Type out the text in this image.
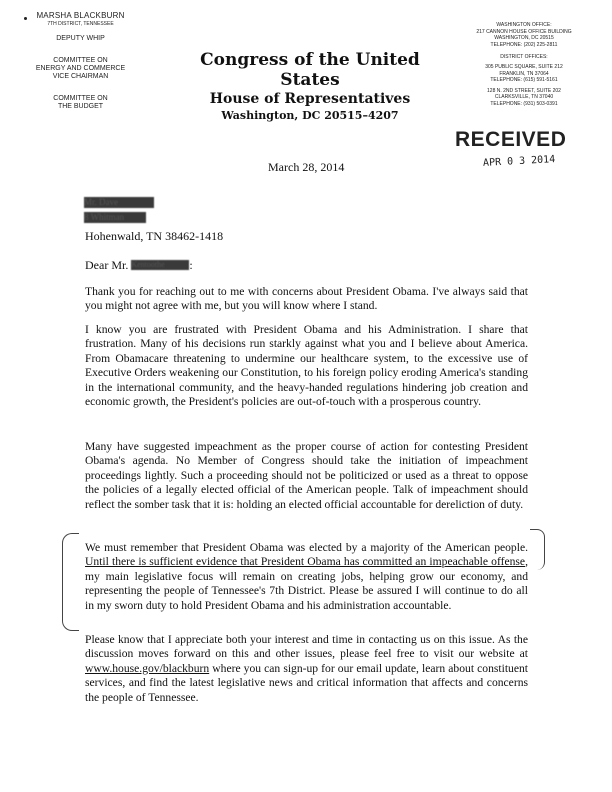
MARSHA BLACKBURN
7TH DISTRICT, TENNESSEE
DEPUTY WHIP
COMMITTEE ON
ENERGY AND COMMERCE
VICE CHAIRMAN
COMMITTEE ON
THE BUDGET
Congress of the United States
House of Representatives
Washington, DC 20515–4207
WASHINGTON OFFICE:
217 CANNON HOUSE OFFICE BUILDING
WASHINGTON, DC 20515
TELEPHONE: (202) 225-2811
DISTRICT OFFICES:
305 PUBLIC SQUARE, SUITE 212
FRANKLIN, TN 37064
TELEPHONE: (615) 591-5161
128 N. 2ND STREET, SUITE 202
CLARKSVILLE, TN 37040
TELEPHONE: (931) 503-0391
RECEIVED
APR 0 3 2014
March 28, 2014
Mr. Dave
8 Whitman
Hohenwald, TN 38462-1418
Dear Mr. Kentoothe :
Thank you for reaching out to me with concerns about President Obama. I've always said that you might not agree with me, but you will know where I stand.
I know you are frustrated with President Obama and his Administration. I share that frustration. Many of his decisions run starkly against what you and I believe about America. From Obamacare threatening to undermine our healthcare system, to the excessive use of Executive Orders weakening our Constitution, to his foreign policy eroding America's standing in the international community, and the heavy-handed regulations hindering job creation and economic growth, the President's policies are out-of-touch with a prosperous country.
Many have suggested impeachment as the proper course of action for contesting President Obama's agenda. No Member of Congress should take the initiation of impeachment proceedings lightly. Such a proceeding should not be politicized or used as a threat to oppose the policies of a legally elected official of the American people. Talk of impeachment should reflect the somber task that it is: holding an elected official accountable for dereliction of duty.
We must remember that President Obama was elected by a majority of the American people. Until there is sufficient evidence that President Obama has committed an impeachable offense, my main legislative focus will remain on creating jobs, helping grow our economy, and representing the people of Tennessee's 7th District. Please be assured I will continue to do all in my sworn duty to hold President Obama and his administration accountable.
Please know that I appreciate both your interest and time in contacting us on this issue. As the discussion moves forward on this and other issues, please feel free to visit our website at www.house.gov/blackburn where you can sign-up for our email update, learn about constituent services, and find the latest legislative news and critical information that affects and concerns the people of Tennessee.
